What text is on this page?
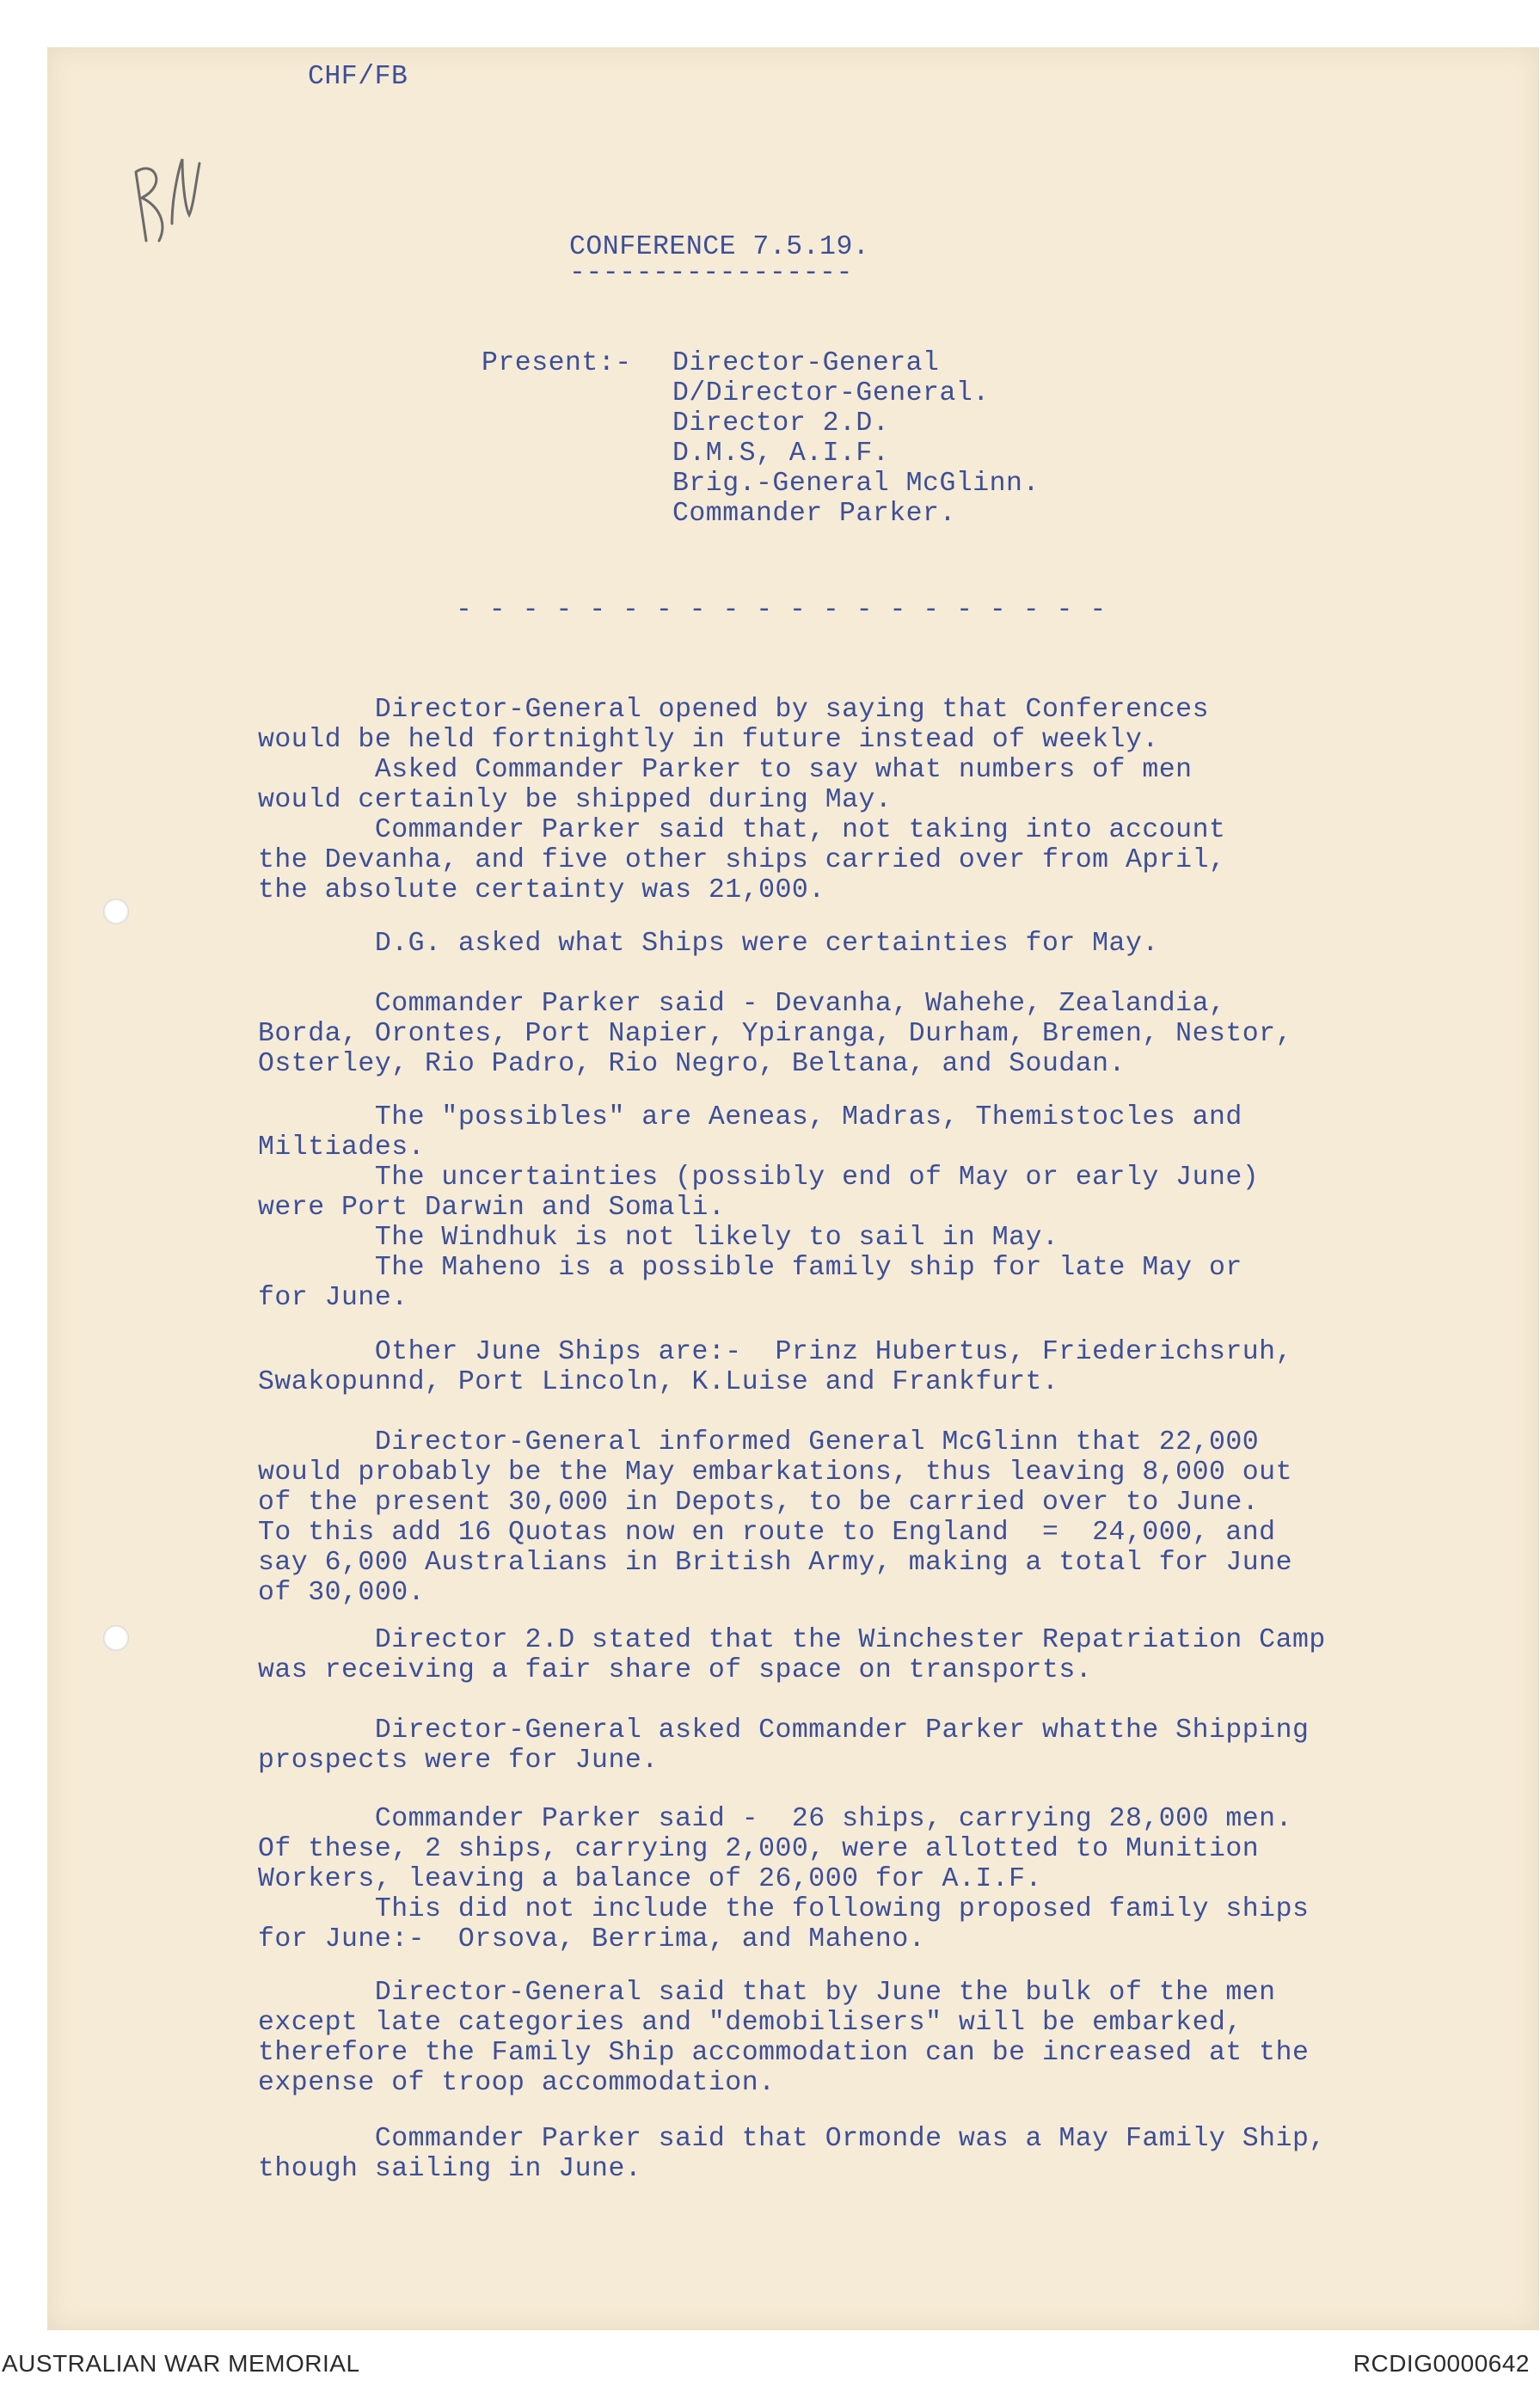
CHF/FB
CONFERENCE 7.5.19.
-----------------
Present:- Director-General
D/Director-General.
Director 2.D.
D.M.S, A.I.F.
Brig.-General McGlinn.
Commander Parker.
- - - - - - - - - - - - - - - - - - - -
Director-General opened by saying that Conferences
would be held fortnightly in future instead of weekly.
Asked Commander Parker to say what numbers of men
would certainly be shipped during May.
Commander Parker said that, not taking into account
the Devanha, and five other ships carried over from April,
the absolute certainty was 21,000.
D.G. asked what Ships were certainties for May.
Commander Parker said - Devanha, Wahehe, Zealandia,
Borda, Orontes, Port Napier, Ypiranga, Durham, Bremen, Nestor,
Osterley, Rio Padro, Rio Negro, Beltana, and Soudan.
The "possibles" are Aeneas, Madras, Themistocles and
Miltiades.
The uncertainties (possibly end of May or early June)
were Port Darwin and Somali.
The Windhuk is not likely to sail in May.
The Maheno is a possible family ship for late May or
for June.
Other June Ships are:-  Prinz Hubertus, Friederichsruh,
Swakopunnd, Port Lincoln, K.Luise and Frankfurt.
Director-General informed General McGlinn that 22,000
would probably be the May embarkations, thus leaving 8,000 out
of the present 30,000 in Depots, to be carried over to June.
To this add 16 Quotas now en route to England  =  24,000, and
say 6,000 Australians in British Army, making a total for June
of 30,000.
Director 2.D stated that the Winchester Repatriation Camp
was receiving a fair share of space on transports.
Director-General asked Commander Parker whatthe Shipping
prospects were for June.
Commander Parker said -  26 ships, carrying 28,000 men.
Of these, 2 ships, carrying 2,000, were allotted to Munition
Workers, leaving a balance of 26,000 for A.I.F.
This did not include the following proposed family ships
for June:-  Orsova, Berrima, and Maheno.
Director-General said that by June the bulk of the men
except late categories and "demobilisers" will be embarked,
therefore the Family Ship accommodation can be increased at the
expense of troop accommodation.
Commander Parker said that Ormonde was a May Family Ship,
though sailing in June.
AUSTRALIAN WAR MEMORIAL	RCDIG0000642
